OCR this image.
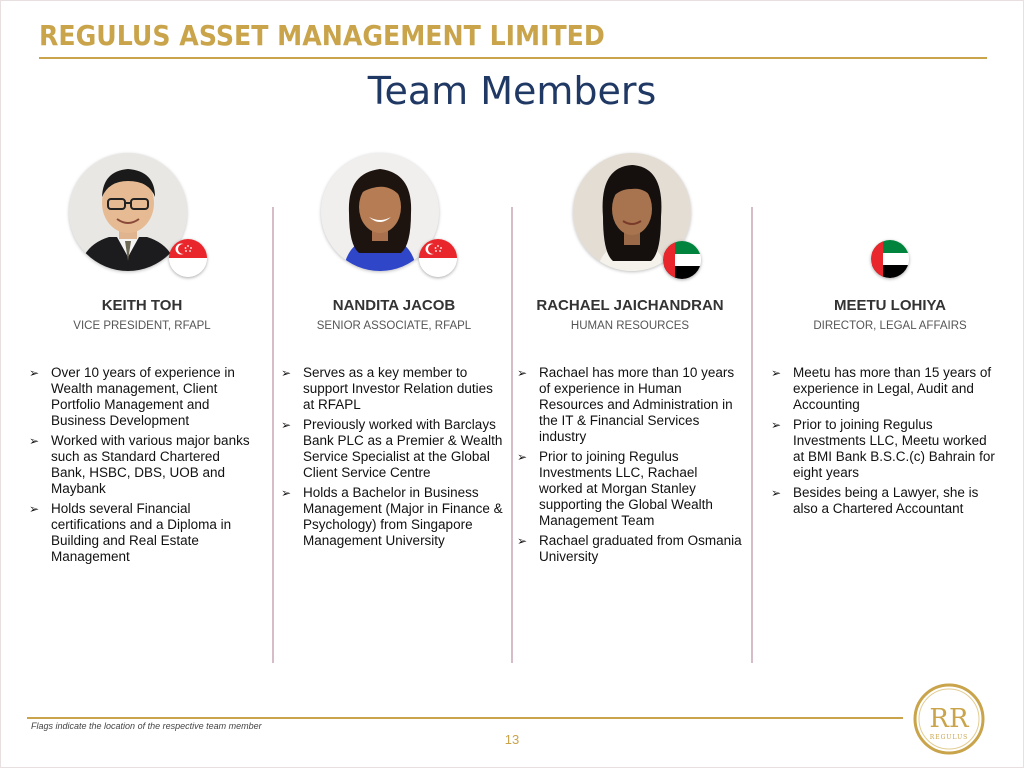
REGULUS ASSET MANAGEMENT LIMITED
Team Members
KEITH TOH
VICE PRESIDENT, RFAPL
➢ Over 10 years of experience in Wealth management, Client Portfolio Management and Business Development
➢ Worked with various major banks such as Standard Chartered Bank, HSBC, DBS, UOB and Maybank
➢ Holds several Financial certifications and a Diploma in Building and Real Estate Management
NANDITA JACOB
SENIOR ASSOCIATE, RFAPL
➢ Serves as a key member to support Investor Relation duties at RFAPL
➢ Previously worked with Barclays Bank PLC as a Premier & Wealth Service Specialist at the Global Client Service Centre
➢ Holds a Bachelor in Business Management (Major in Finance & Psychology) from Singapore Management University
RACHAEL JAICHANDRAN
HUMAN RESOURCES
➢ Rachael has more than 10 years of experience in Human Resources and Administration in the IT & Financial Services industry
➢ Prior to joining Regulus Investments LLC, Rachael worked at Morgan Stanley supporting the Global Wealth Management Team
➢ Rachael graduated from Osmania University
MEETU LOHIYA
DIRECTOR, LEGAL AFFAIRS
➢ Meetu has more than 15 years of experience in Legal, Audit and Accounting
➢ Prior to joining Regulus Investments LLC, Meetu worked at BMI Bank B.S.C.(c) Bahrain for eight years
➢ Besides being a Lawyer, she is also a Chartered Accountant
Flags indicate the location of the respective team member
13
RR
REGULUS
